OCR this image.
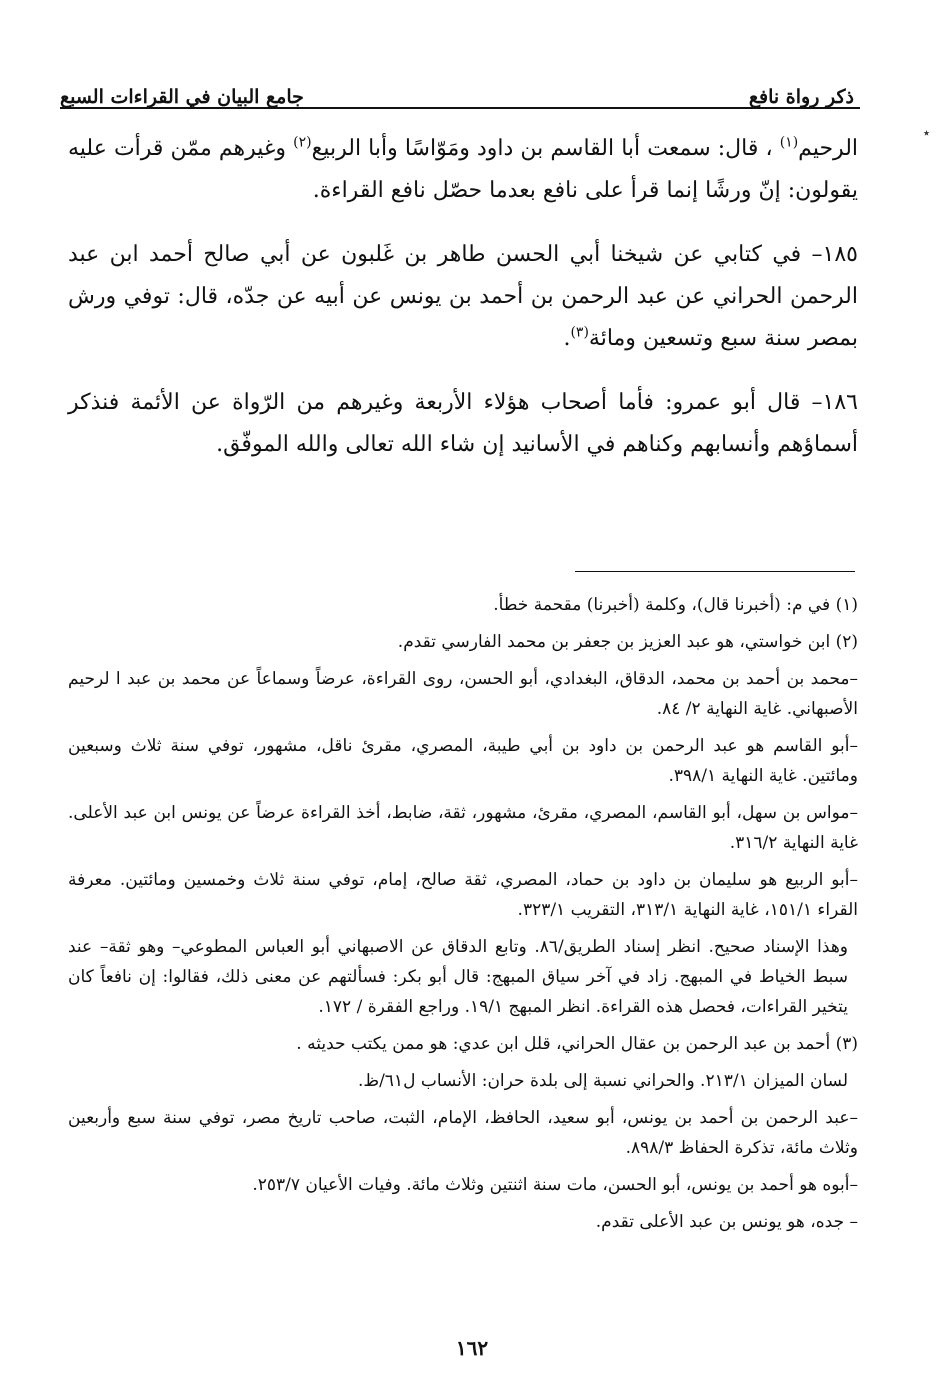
ذكر رواة نافع
جامع البيان في القراءات السبع
٭

الرحيم$^{(١)}$ ، قال: سمعت أبا القاسم بن داود ومَوّاسًا وأبا الربيع$^{(٢)}$ وغيرهم ممّن قرأت عليه يقولون: إنّ ورشًا إنما قرأ على نافع بعدما حصّل نافع القراءة.

١٨٥– في كتابي عن شيخنا أبي الحسن طاهر بن غَلبون عن أبي صالح أحمد ابن عبد الرحمن الحراني عن عبد الرحمن بن أحمد بن يونس عن أبيه عن جدّه، قال: توفي ورش بمصر سنة سبع وتسعين ومائة$^{(٣)}$.

١٨٦– قال أبو عمرو: فأما أصحاب هؤلاء الأربعة وغيرهم من الرّواة عن الأئمة فنذكر أسماؤهم وأنسابهم وكناهم في الأسانيد إن شاء الله تعالى والله الموفّق.

(١) في م: (أخبرنا قال)، وكلمة (أخبرنا) مقحمة خطأ.

(٢) ابن خواستي، هو عبد العزيز بن جعفر بن محمد الفارسي تقدم.

–محمد بن أحمد بن محمد، الدقاق، البغدادي، أبو الحسن، روى القراءة، عرضاً وسماعاً عن محمد بن عبد ا لرحيم الأصبهاني. غاية النهاية ٢/ ٨٤.

–أبو القاسم هو عبد الرحمن بن داود بن أبي طيبة، المصري، مقرئ ناقل، مشهور، توفي سنة ثلاث وسبعين ومائتين. غاية النهاية ٣٩٨/١.

–مواس بن سهل، أبو القاسم، المصري، مقرئ، مشهور، ثقة، ضابط، أخذ القراءة عرضاً عن يونس ابن عبد الأعلى. غاية النهاية ٣١٦/٢.

–أبو الربيع هو سليمان بن داود بن حماد، المصري، ثقة صالح، إمام، توفي سنة ثلاث وخمسين ومائتين. معرفة القراء ١٥١/١، غاية النهاية ٣١٣/١، التقريب ٣٢٣/١.

وهذا الإسناد صحيح. انظر إسناد الطريق/٨٦. وتابع الدقاق عن الاصبهاني أبو العباس المطوعي– وهو ثقة– عند سبط الخياط في المبهج. زاد في آخر سياق المبهج: قال أبو بكر: فسألتهم عن معنى ذلك، فقالوا: إن نافعاً كان يتخير القراءات، فحصل هذه القراءة. انظر المبهج ١٩/١. وراجع الفقرة / ١٧٢.

(٣) أحمد بن عبد الرحمن بن عقال الحراني، قلل ابن عدي: هو ممن يكتب حديثه .

لسان الميزان ٢١٣/١. والحراني نسبة إلى بلدة حران: الأنساب ل٦١/ظ.

–عبد الرحمن بن أحمد بن يونس، أبو سعيد، الحافظ، الإمام، الثبت، صاحب تاريخ مصر، توفي سنة سبع وأربعين وثلاث مائة، تذكرة الحفاظ ٨٩٨/٣.

–أبوه هو أحمد بن يونس، أبو الحسن، مات سنة اثنتين وثلاث مائة. وفيات الأعيان ٢٥٣/٧.

– جده، هو يونس بن عبد الأعلى تقدم.

١٦٢
